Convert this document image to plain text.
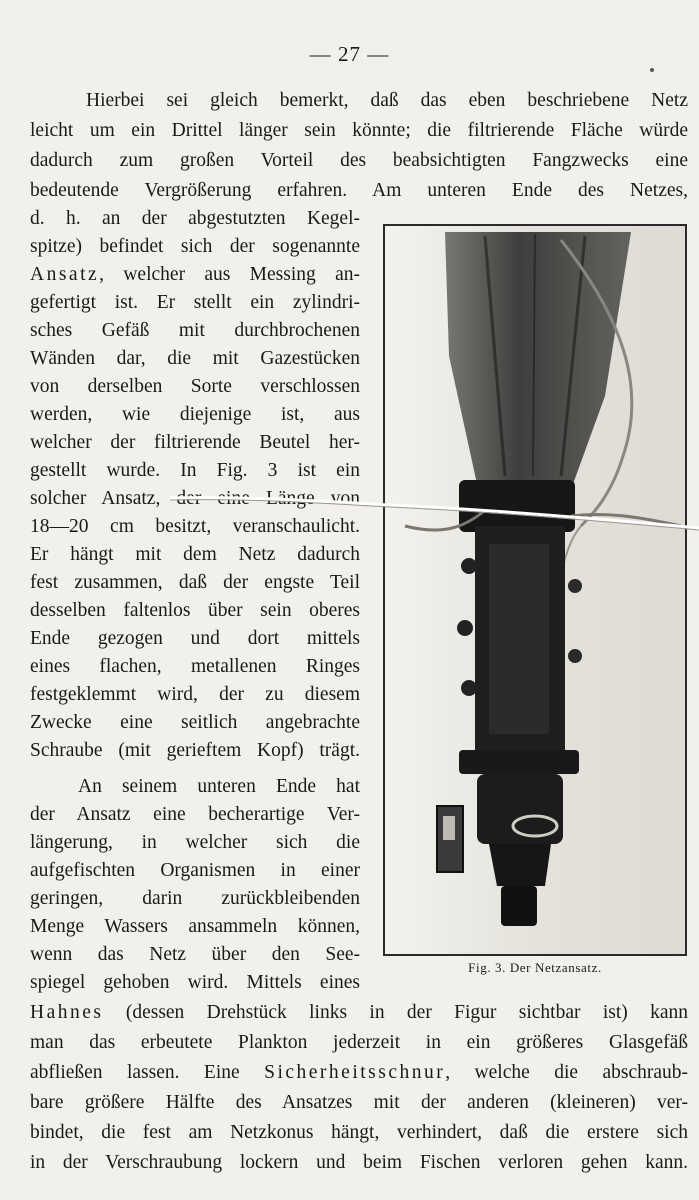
— 27 —
Hierbei sei gleich bemerkt, daß das eben beschriebene Netz
leicht um ein Drittel länger sein könnte; die filtrierende Fläche würde
dadurch zum großen Vorteil des beabsichtigten Fangzwecks eine
bedeutende Vergrößerung erfahren. Am unteren Ende des Netzes,
d. h. an der abgestutzten Kegel-
spitze) befindet sich der sogenannte
Ansatz, welcher aus Messing an-
gefertigt ist. Er stellt ein zylindri-
sches Gefäß mit durchbrochenen
Wänden dar, die mit Gazestücken
von derselben Sorte verschlossen
werden, wie diejenige ist, aus
welcher der filtrierende Beutel her-
gestellt wurde. In Fig. 3 ist ein
solcher Ansatz, der eine Länge von
18—20 cm besitzt, veranschaulicht.
Er hängt mit dem Netz dadurch
fest zusammen, daß der engste Teil
desselben faltenlos über sein oberes
Ende gezogen und dort mittels
eines flachen, metallenen Ringes
festgeklemmt wird, der zu diesem
Zwecke eine seitlich angebrachte
Schraube (mit gerieftem Kopf) trägt.
An seinem unteren Ende hat
der Ansatz eine becherartige Ver-
längerung, in welcher sich die
aufgefischten Organismen in einer
geringen, darin zurückbleibenden
Menge Wassers ansammeln können,
wenn das Netz über den See-
spiegel gehoben wird. Mittels eines
Hahnes (dessen Drehstück links in der Figur sichtbar ist) kann
man das erbeutete Plankton jederzeit in ein größeres Glasgefäß
abfließen lassen. Eine Sicherheitsschnur, welche die abschraub-
bare größere Hälfte des Ansatzes mit der anderen (kleineren) ver-
bindet, die fest am Netzkonus hängt, verhindert, daß die erstere sich
in der Verschraubung lockern und beim Fischen verloren gehen kann.
Fig. 3. Der Netzansatz.
